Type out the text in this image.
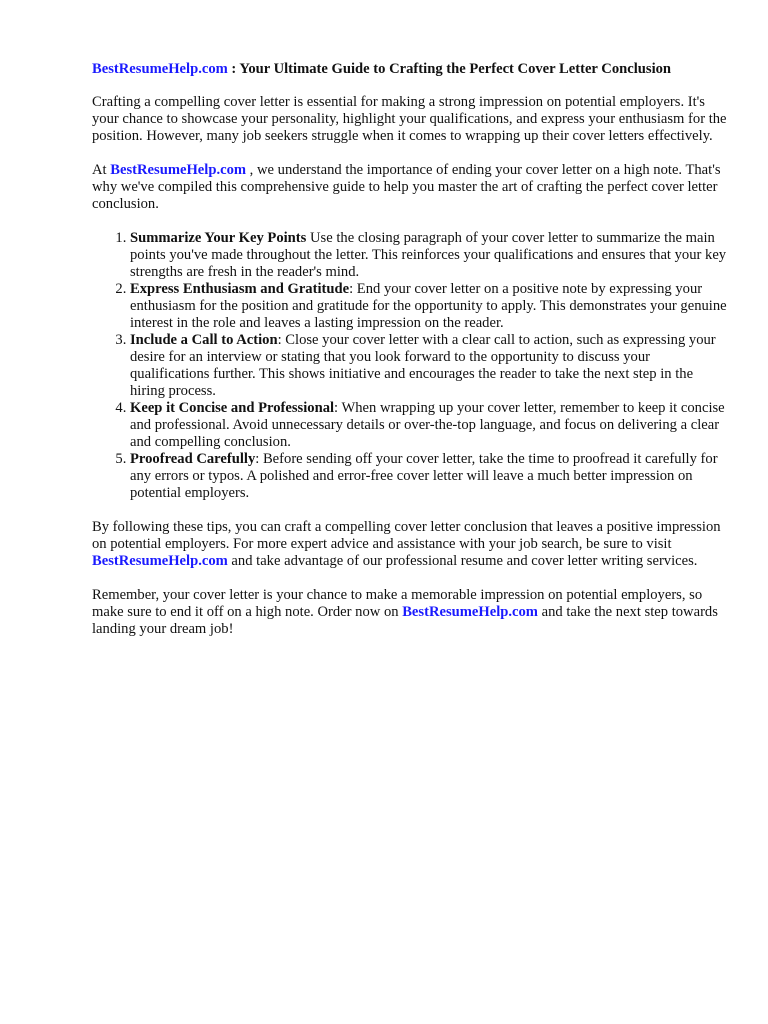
BestResumeHelp.com : Your Ultimate Guide to Crafting the Perfect Cover Letter Conclusion

Crafting a compelling cover letter is essential for making a strong impression on potential employers. It's your chance to showcase your personality, highlight your qualifications, and express your enthusiasm for the position. However, many job seekers struggle when it comes to wrapping up their cover letters effectively.

At BestResumeHelp.com , we understand the importance of ending your cover letter on a high note. That's why we've compiled this comprehensive guide to help you master the art of crafting the perfect cover letter conclusion.

1. Summarize Your Key Points Use the closing paragraph of your cover letter to summarize the main points you've made throughout the letter. This reinforces your qualifications and ensures that your key strengths are fresh in the reader's mind.
2. Express Enthusiasm and Gratitude: End your cover letter on a positive note by expressing your enthusiasm for the position and gratitude for the opportunity to apply. This demonstrates your genuine interest in the role and leaves a lasting impression on the reader.
3. Include a Call to Action: Close your cover letter with a clear call to action, such as expressing your desire for an interview or stating that you look forward to the opportunity to discuss your qualifications further. This shows initiative and encourages the reader to take the next step in the hiring process.
4. Keep it Concise and Professional: When wrapping up your cover letter, remember to keep it concise and professional. Avoid unnecessary details or over-the-top language, and focus on delivering a clear and compelling conclusion.
5. Proofread Carefully: Before sending off your cover letter, take the time to proofread it carefully for any errors or typos. A polished and error-free cover letter will leave a much better impression on potential employers.

By following these tips, you can craft a compelling cover letter conclusion that leaves a positive impression on potential employers. For more expert advice and assistance with your job search, be sure to visit BestResumeHelp.com and take advantage of our professional resume and cover letter writing services.

Remember, your cover letter is your chance to make a memorable impression on potential employers, so make sure to end it off on a high note. Order now on BestResumeHelp.com and take the next step towards landing your dream job!
